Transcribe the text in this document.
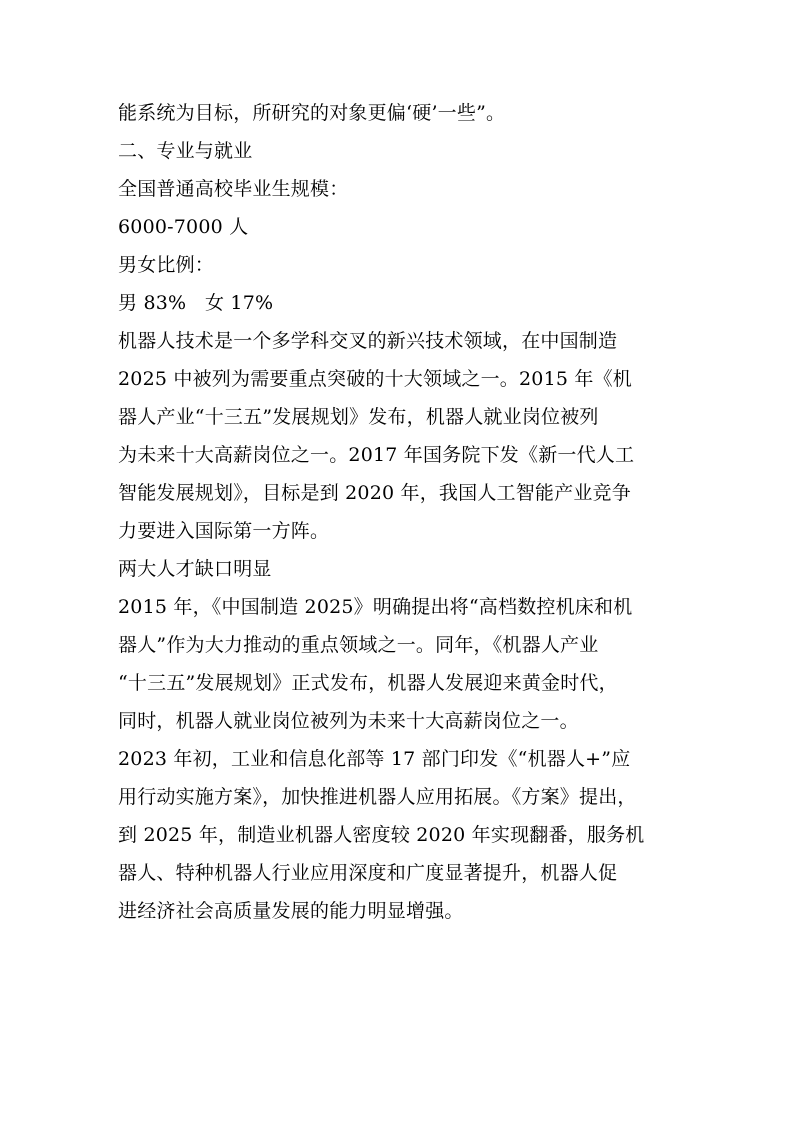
能系统为目标，所研究的对象更偏‘硬’一些”。
二、专业与就业
全国普通高校毕业生规模：
6000-7000 人
男女比例：
男 83%   女 17%
机器人技术是一个多学科交叉的新兴技术领域，在中国制造
2025 中被列为需要重点突破的十大领域之一。2015 年《机
器人产业“十三五”发展规划》发布，机器人就业岗位被列
为未来十大高薪岗位之一。2017 年国务院下发《新一代人工
智能发展规划》，目标是到 2020 年，我国人工智能产业竞争
力要进入国际第一方阵。
两大人才缺口明显
2015 年，《中国制造 2025》明确提出将“高档数控机床和机
器人”作为大力推动的重点领域之一。同年，《机器人产业
“十三五”发展规划》正式发布，机器人发展迎来黄金时代，
同时，机器人就业岗位被列为未来十大高薪岗位之一。
2023 年初，工业和信息化部等 17 部门印发《“机器人+”应
用行动实施方案》，加快推进机器人应用拓展。《方案》提出，
到 2025 年，制造业机器人密度较 2020 年实现翻番，服务机
器人、特种机器人行业应用深度和广度显著提升，机器人促
进经济社会高质量发展的能力明显增强。
